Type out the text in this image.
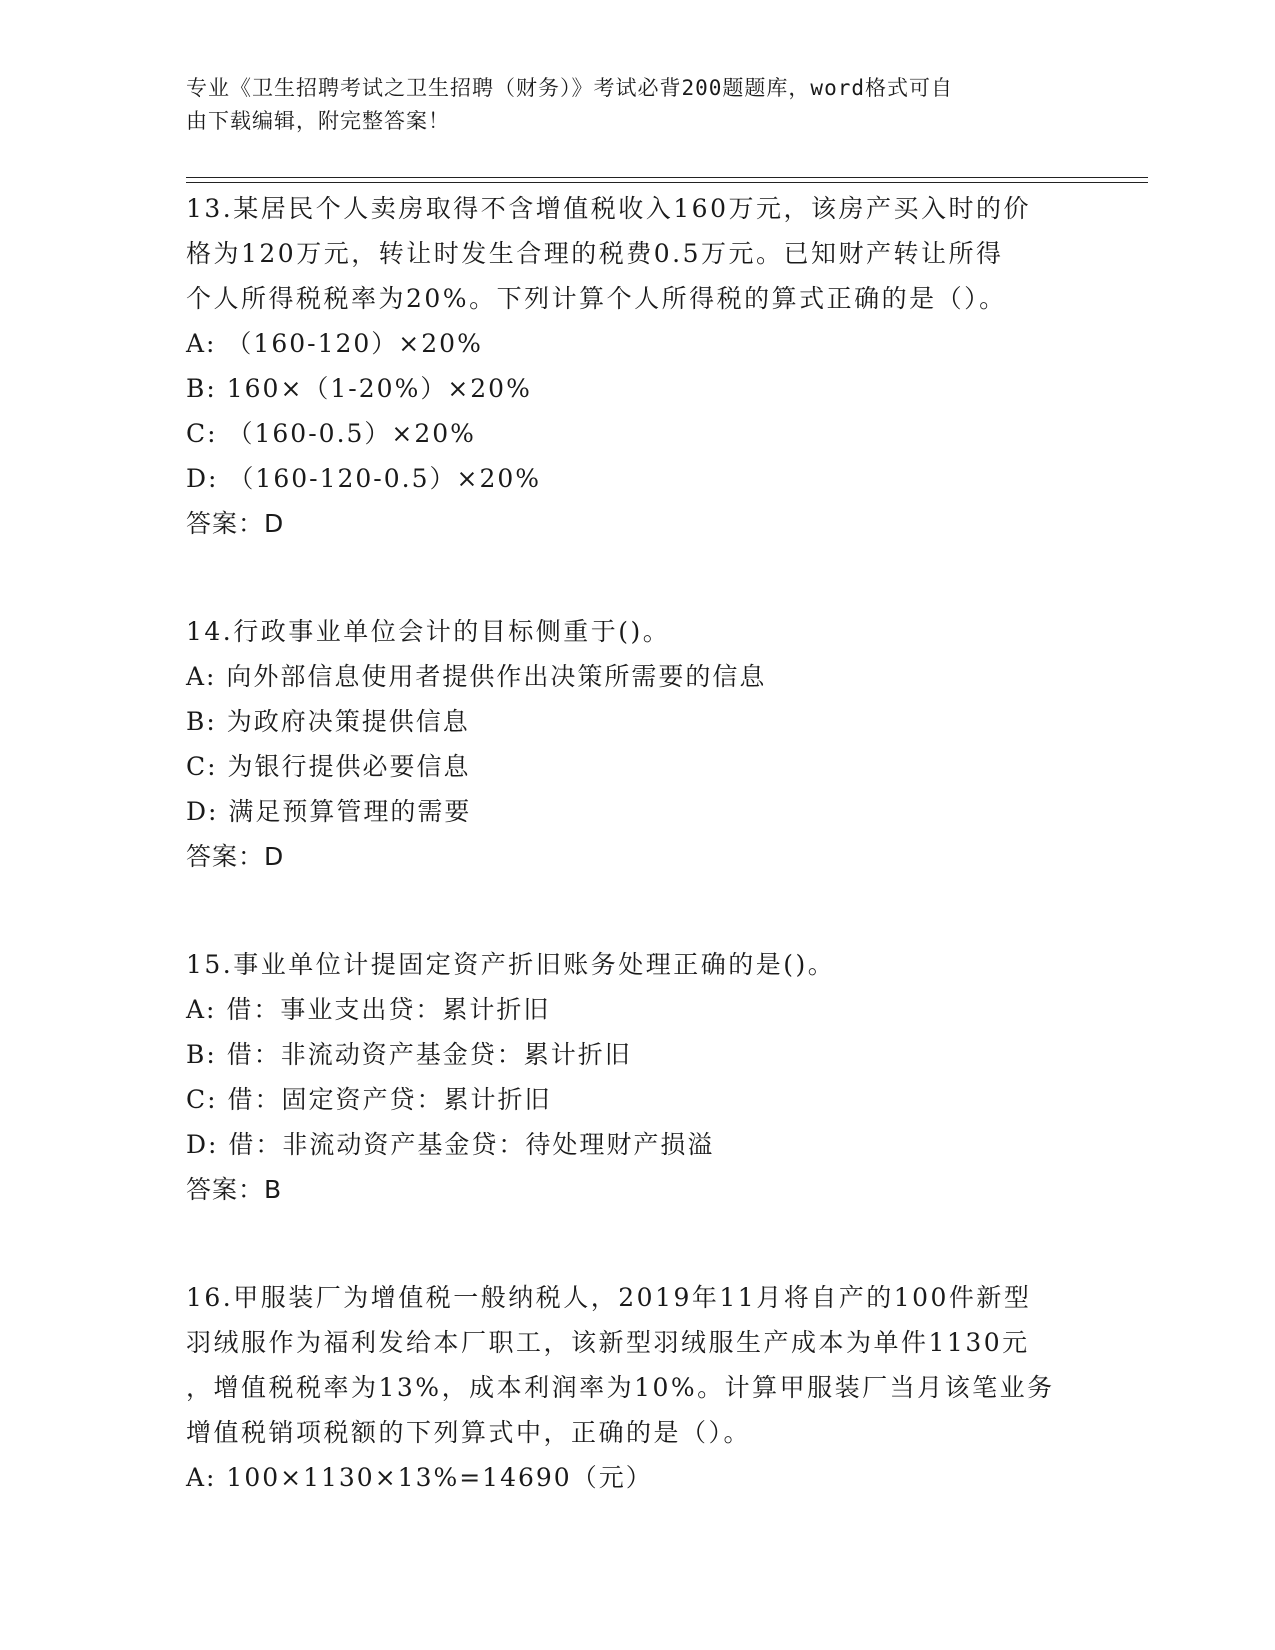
专业《卫生招聘考试之卫生招聘（财务）》考试必背200题题库，word格式可自
由下载编辑，附完整答案！
13.某居民个人卖房取得不含增值税收入160万元，该房产买入时的价
格为120万元，转让时发生合理的税费0.5万元。已知财产转让所得
个人所得税税率为20%。下列计算个人所得税的算式正确的是（）。
A: （160-120）×20%
B: 160×（1-20%）×20%
C: （160-0.5）×20%
D: （160-120-0.5）×20%
答案：D
14.行政事业单位会计的目标侧重于()。
A: 向外部信息使用者提供作出决策所需要的信息
B: 为政府决策提供信息
C: 为银行提供必要信息
D: 满足预算管理的需要
答案：D
15.事业单位计提固定资产折旧账务处理正确的是()。
A: 借：事业支出贷：累计折旧
B: 借：非流动资产基金贷：累计折旧
C: 借：固定资产贷：累计折旧
D: 借：非流动资产基金贷：待处理财产损溢
答案：B
16.甲服装厂为增值税一般纳税人，2019年11月将自产的100件新型
羽绒服作为福利发给本厂职工，该新型羽绒服生产成本为单件1130元
，增值税税率为13%，成本利润率为10%。计算甲服装厂当月该笔业务
增值税销项税额的下列算式中，正确的是（）。
A: 100×1130×13%=14690（元）
